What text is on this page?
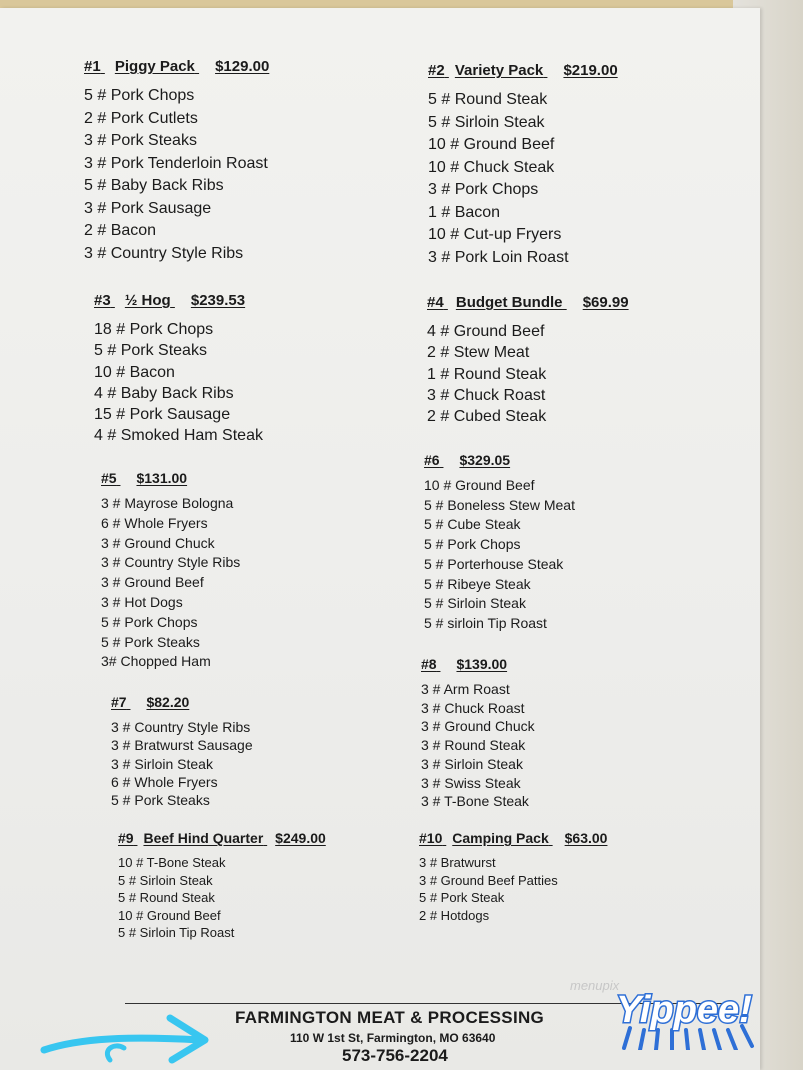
#1 Piggy Pack $129.00
5 # Pork Chops
2 # Pork Cutlets
3 # Pork Steaks
3 # Pork Tenderloin Roast
5 # Baby Back Ribs
3 # Pork Sausage
2 # Bacon
3 # Country Style Ribs
#2 Variety Pack $219.00
5 # Round Steak
5 # Sirloin Steak
10 # Ground Beef
10 # Chuck Steak
3 # Pork Chops
1 # Bacon
10 # Cut-up Fryers
3 # Pork Loin Roast
#3 ½ Hog $239.53
18 # Pork Chops
5 # Pork Steaks
10 # Bacon
4 # Baby Back Ribs
15 # Pork Sausage
4 # Smoked Ham Steak
#4 Budget Bundle $69.99
4 # Ground Beef
2 # Stew Meat
1 # Round Steak
3 # Chuck Roast
2 # Cubed Steak
#5 $131.00
3 # Mayrose Bologna
6 # Whole Fryers
3 # Ground Chuck
3 # Country Style Ribs
3 # Ground Beef
3 # Hot Dogs
5 # Pork Chops
5 # Pork Steaks
3# Chopped Ham
#6 $329.05
10 # Ground Beef
5 # Boneless Stew Meat
5 # Cube Steak
5 # Pork Chops
5 # Porterhouse Steak
5 # Ribeye Steak
5 # Sirloin Steak
5 # sirloin Tip Roast
#7 $82.20
3 # Country Style Ribs
3 # Bratwurst Sausage
3 # Sirloin Steak
6 # Whole Fryers
5 # Pork Steaks
#8 $139.00
3 # Arm Roast
3 # Chuck Roast
3 # Ground Chuck
3 # Round Steak
3 # Sirloin Steak
3 # Swiss Steak
3 # T-Bone Steak
#9 Beef Hind Quarter $249.00
10 # T-Bone Steak
5 # Sirloin Steak
5 # Round Steak
10 # Ground Beef
5 # Sirloin Tip Roast
#10 Camping Pack $63.00
3 # Bratwurst
3 # Ground Beef Patties
5 # Pork Steak
2 # Hotdogs
menupix
FARMINGTON MEAT & PROCESSING
110 W 1st St, Farmington, MO 63640
573-756-2204
Yippee!
